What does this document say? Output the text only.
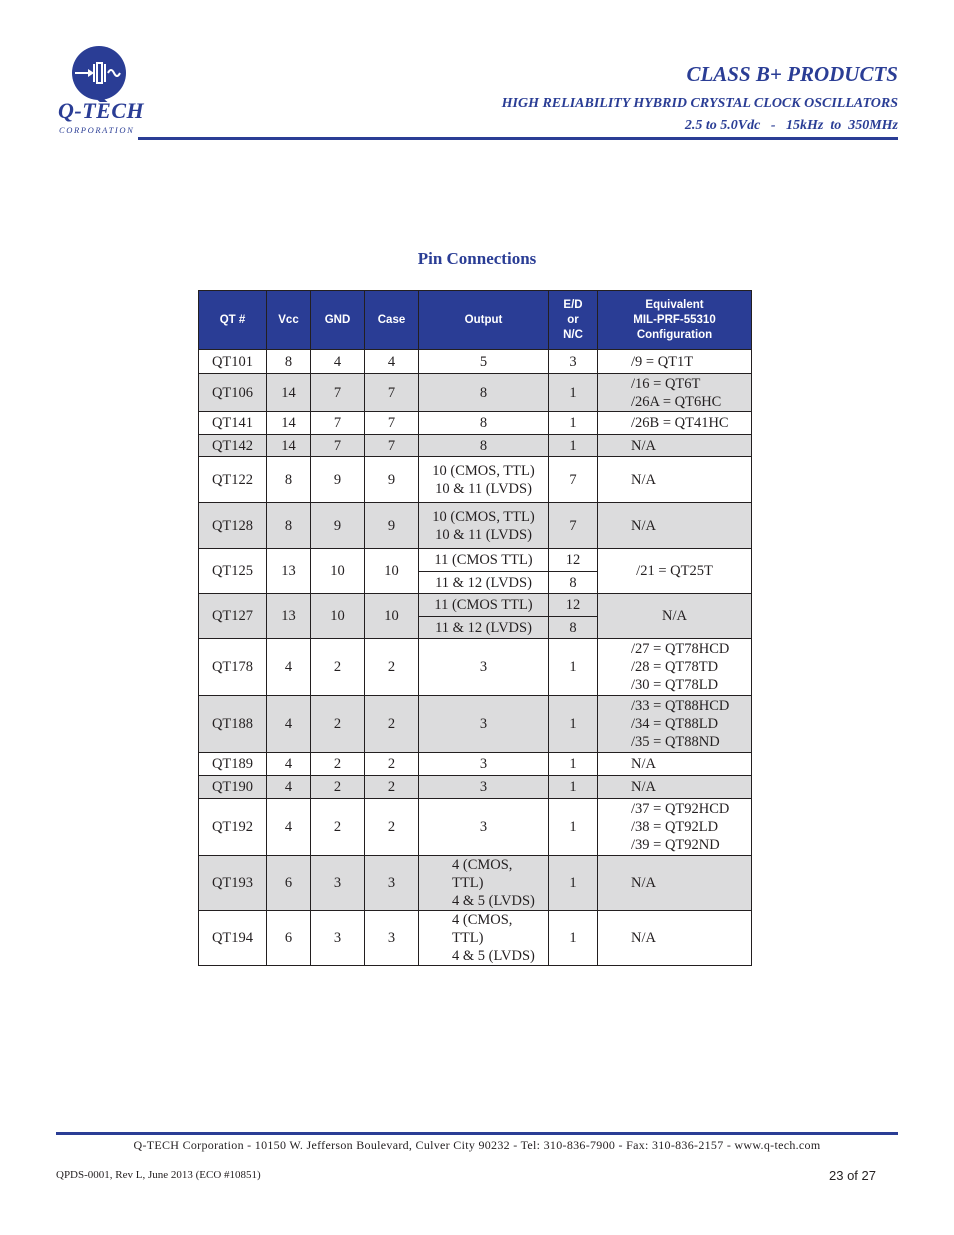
Q-TECH
CORPORATION
CLASS B+ PRODUCTS
HIGH RELIABILITY HYBRID CRYSTAL CLOCK OSCILLATORS
2.5 to 5.0Vdc   -   15kHz  to  350MHz
Pin Connections
QT #	Vcc	GND	Case	Output	E/D
or
N/C	Equivalent
MIL-PRF-55310
Configuration
QT101	8	4	4	5	3	/9 = QT1T
QT106	14	7	7	8	1	/16 = QT6T
/26A = QT6HC
QT141	14	7	7	8	1	/26B = QT41HC
QT142	14	7	7	8	1	N/A
QT122	8	9	9	10 (CMOS, TTL)
10 & 11 (LVDS)	7	N/A
QT128	8	9	9	10 (CMOS, TTL)
10 & 11 (LVDS)	7	N/A
QT125	13	10	10	11 (CMOS TTL)	12	/21 = QT25T
				11 & 12 (LVDS)	8	
QT127	13	10	10	11 (CMOS TTL)	12	N/A
				11 & 12 (LVDS)	8	
QT178	4	2	2	3	1	/27 = QT78HCD
/28 = QT78TD
/30 = QT78LD
QT188	4	2	2	3	1	/33 = QT88HCD
/34 = QT88LD
/35 = QT88ND
QT189	4	2	2	3	1	N/A
QT190	4	2	2	3	1	N/A
QT192	4	2	2	3	1	/37 = QT92HCD
/38 = QT92LD
/39 = QT92ND
QT193	6	3	3	4 (CMOS, TTL)
4 & 5 (LVDS)	1	N/A
QT194	6	3	3	4 (CMOS, TTL)
4 & 5 (LVDS)	1	N/A
Q-TECH Corporation - 10150 W. Jefferson Boulevard, Culver City 90232 - Tel: 310-836-7900 - Fax: 310-836-2157 - www.q-tech.com
QPDS-0001, Rev L, June 2013 (ECO #10851)	23 of 27
